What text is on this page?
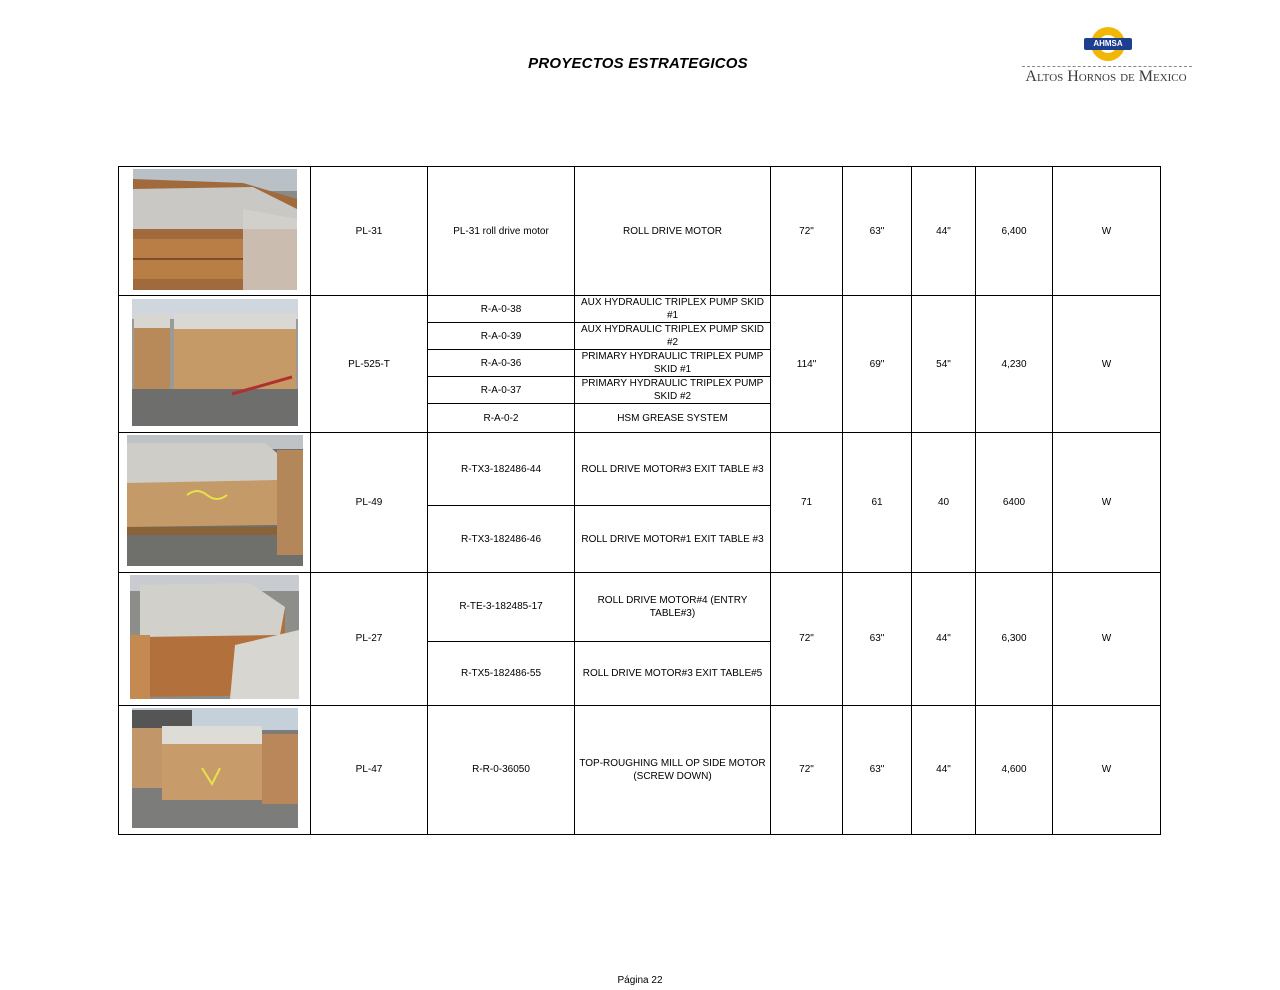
PROYECTOS ESTRATEGICOS
AHMSA
Altos Hornos de Mexico
	PL-31	PL-31 roll drive motor	ROLL DRIVE MOTOR	72"	63"	44"	6,400	W
	PL-525-T	R-A-0-38	AUX HYDRAULIC TRIPLEX PUMP SKID #1	114"	69"	54"	4,230	W
		R-A-0-39	AUX HYDRAULIC TRIPLEX PUMP SKID #2					
		R-A-0-36	PRIMARY HYDRAULIC TRIPLEX PUMP SKID #1					
		R-A-0-37	PRIMARY HYDRAULIC TRIPLEX PUMP SKID #2					
		R-A-0-2	HSM GREASE SYSTEM					
	PL-49	R-TX3-182486-44	ROLL DRIVE MOTOR#3 EXIT TABLE #3	71	61	40	6400	W
		R-TX3-182486-46	ROLL DRIVE MOTOR#1 EXIT TABLE #3					
	PL-27	R-TE-3-182485-17	ROLL DRIVE MOTOR#4 (ENTRY TABLE#3)	72"	63"	44"	6,300	W
		R-TX5-182486-55	ROLL DRIVE MOTOR#3 EXIT TABLE#5					
	PL-47	R-R-0-36050	TOP-ROUGHING MILL OP SIDE MOTOR (SCREW DOWN)	72"	63"	44"	4,600	W
Página 22
